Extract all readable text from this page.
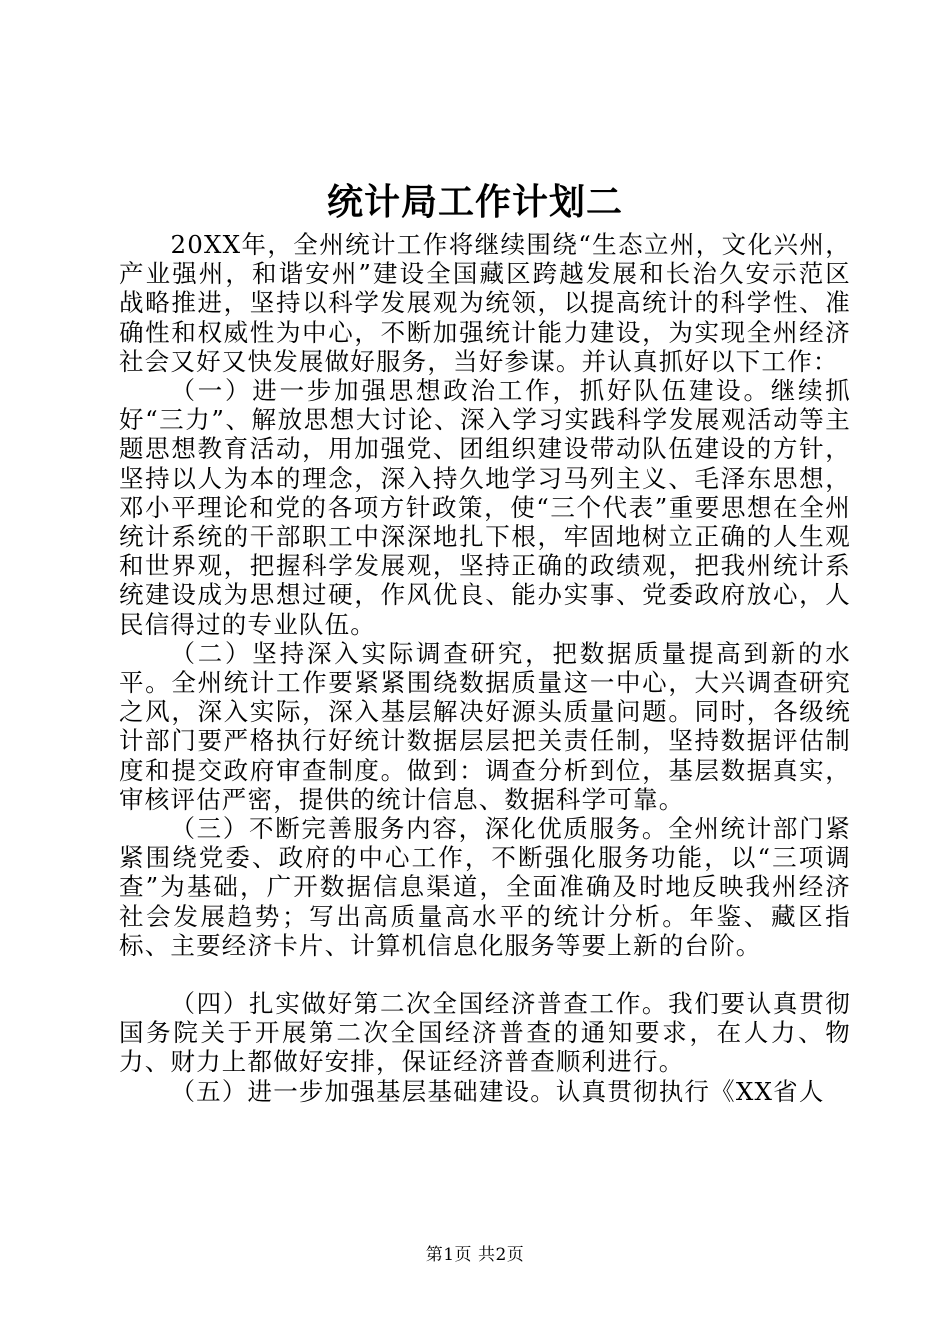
统计局工作计划二

20XX年，全州统计工作将继续围绕“生态立州，文化兴州，产业强州，和谐安州”建设全国藏区跨越发展和长治久安示范区战略推进，坚持以科学发展观为统领，以提高统计的科学性、准确性和权威性为中心，不断加强统计能力建设，为实现全州经济社会又好又快发展做好服务，当好参谋。并认真抓好以下工作：

（一）进一步加强思想政治工作，抓好队伍建设。继续抓好“三力”、解放思想大讨论、深入学习实践科学发展观活动等主题思想教育活动，用加强党、团组织建设带动队伍建设的方针，坚持以人为本的理念，深入持久地学习马列主义、毛泽东思想，邓小平理论和党的各项方针政策，使“三个代表”重要思想在全州统计系统的干部职工中深深地扎下根，牢固地树立正确的人生观和世界观，把握科学发展观，坚持正确的政绩观，把我州统计系统建设成为思想过硬，作风优良、能办实事、党委政府放心，人民信得过的专业队伍。

（二）坚持深入实际调查研究，把数据质量提高到新的水平。全州统计工作要紧紧围绕数据质量这一中心，大兴调查研究之风，深入实际，深入基层解决好源头质量问题。同时，各级统计部门要严格执行好统计数据层层把关责任制，坚持数据评估制度和提交政府审查制度。做到：调查分析到位，基层数据真实，审核评估严密，提供的统计信息、数据科学可靠。

（三）不断完善服务内容，深化优质服务。全州统计部门紧紧围绕党委、政府的中心工作，不断强化服务功能，以“三项调查”为基础，广开数据信息渠道，全面准确及时地反映我州经济社会发展趋势；写出高质量高水平的统计分析。年鉴、藏区指标、主要经济卡片、计算机信息化服务等要上新的台阶。

（四）扎实做好第二次全国经济普查工作。我们要认真贯彻国务院关于开展第二次全国经济普查的通知要求，在人力、物力、财力上都做好安排，保证经济普查顺利进行。

（五）进一步加强基层基础建设。认真贯彻执行《XX省人

第1页 共2页
